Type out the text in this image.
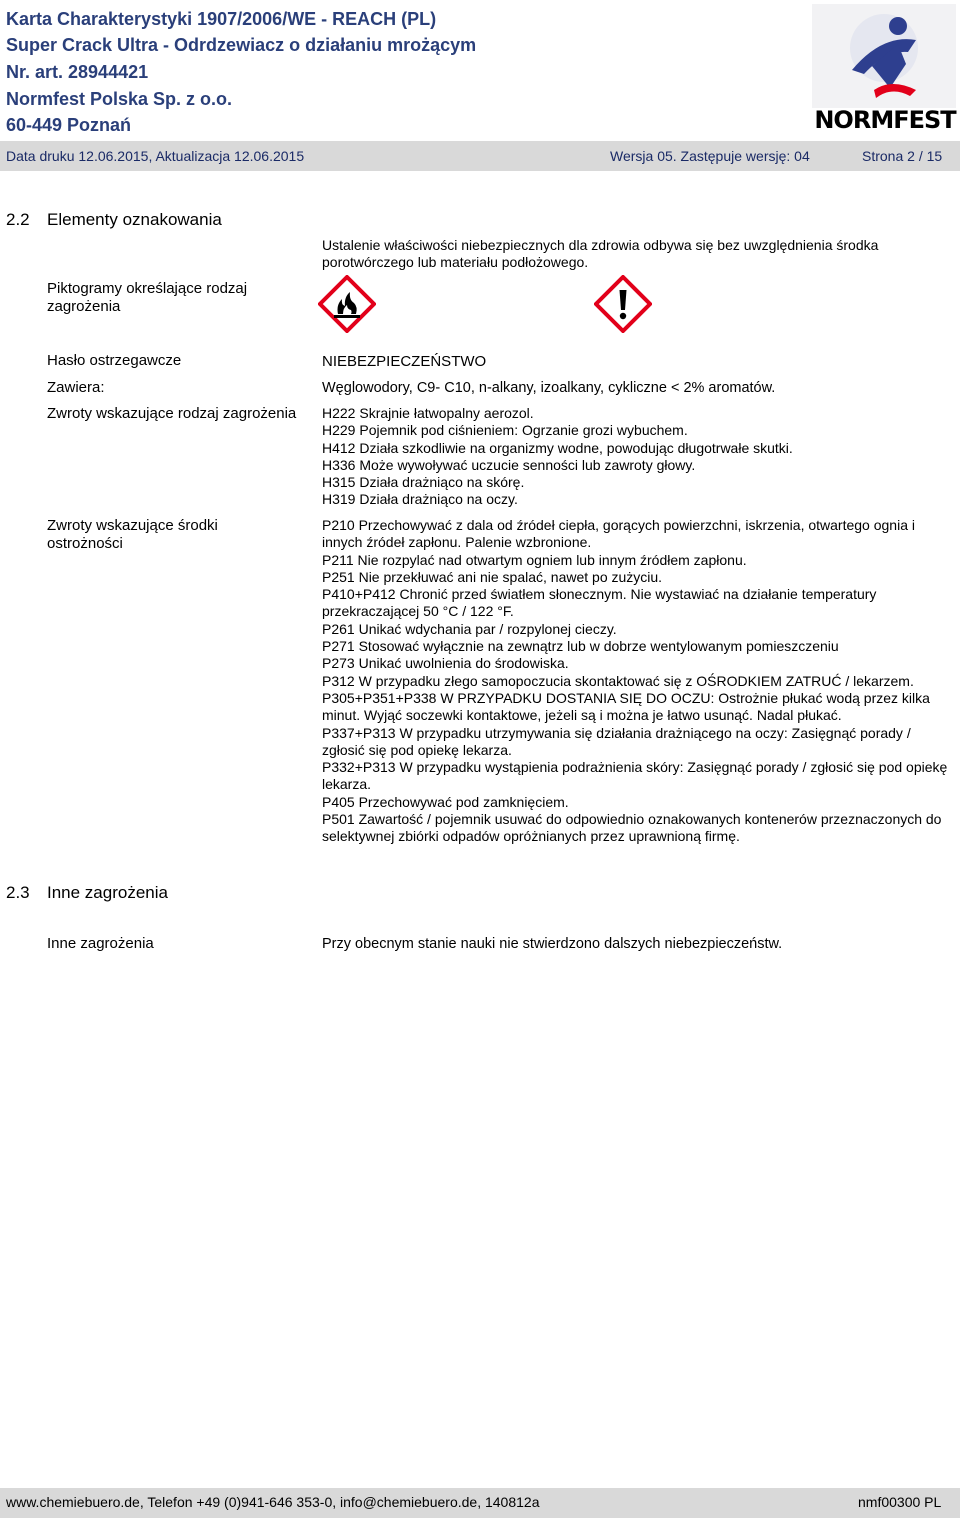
Karta Charakterystyki 1907/2006/WE - REACH (PL)
Super Crack Ultra - Odrdzewiacz o działaniu mrożącym
Nr. art. 28944421
Normfest Polska Sp. z o.o.
60-449 Poznań	NORMFEST
Data druku 12.06.2015, Aktualizacja 12.06.2015	Wersja 05. Zastępuje wersję: 04	Strona 2 / 15
2.2 Elementy oznakowania
Ustalenie właściwości niebezpiecznych dla zdrowia odbywa się bez uwzględnienia środka porotwórczego lub materiału podłożowego.
Piktogramy określające rodzaj zagrożenia
Hasło ostrzegawcze	NIEBEZPIECZEŃSTWO
Zawiera:	Węglowodory, C9- C10, n-alkany, izoalkany, cykliczne < 2% aromatów.
Zwroty wskazujące rodzaj zagrożenia	H222 Skrajnie łatwopalny aerozol.
H229 Pojemnik pod ciśnieniem: Ogrzanie grozi wybuchem.
H412 Działa szkodliwie na organizmy wodne, powodując długotrwałe skutki.
H336 Może wywoływać uczucie senności lub zawroty głowy.
H315 Działa drażniąco na skórę.
H319 Działa drażniąco na oczy.
Zwroty wskazujące środki ostrożności
P210 Przechowywać z dala od źródeł ciepła, gorących powierzchni, iskrzenia, otwartego ognia i innych źródeł zapłonu. Palenie wzbronione.
P211 Nie rozpylać nad otwartym ogniem lub innym źródłem zapłonu.
P251 Nie przekłuwać ani nie spalać, nawet po zużyciu.
P410+P412 Chronić przed światłem słonecznym. Nie wystawiać na działanie temperatury przekraczającej 50 °C / 122 °F.
P261 Unikać wdychania par / rozpylonej cieczy.
P271 Stosować wyłącznie na zewnątrz lub w dobrze wentylowanym pomieszczeniu
P273 Unikać uwolnienia do środowiska.
P312 W przypadku złego samopoczucia skontaktować się z OŚRODKIEM ZATRUĆ / lekarzem.
P305+P351+P338 W PRZYPADKU DOSTANIA SIĘ DO OCZU: Ostrożnie płukać wodą przez kilka minut. Wyjąć soczewki kontaktowe, jeżeli są i można je łatwo usunąć. Nadal płukać.
P337+P313 W przypadku utrzymywania się działania drażniącego na oczy: Zasięgnąć porady / zgłosić się pod opiekę lekarza.
P332+P313 W przypadku wystąpienia podrażnienia skóry: Zasięgnąć porady / zgłosić się pod opiekę lekarza.
P405 Przechowywać pod zamknięciem.
P501 Zawartość / pojemnik usuwać do odpowiednio oznakowanych kontenerów przeznaczonych do selektywnej zbiórki odpadów opróżnianych przez uprawnioną firmę.
2.3 Inne zagrożenia
Inne zagrożenia	Przy obecnym stanie nauki nie stwierdzono dalszych niebezpieczeństw.
www.chemiebuero.de, Telefon +49 (0)941-646 353-0, info@chemiebuero.de, 140812a	nmf00300 PL
